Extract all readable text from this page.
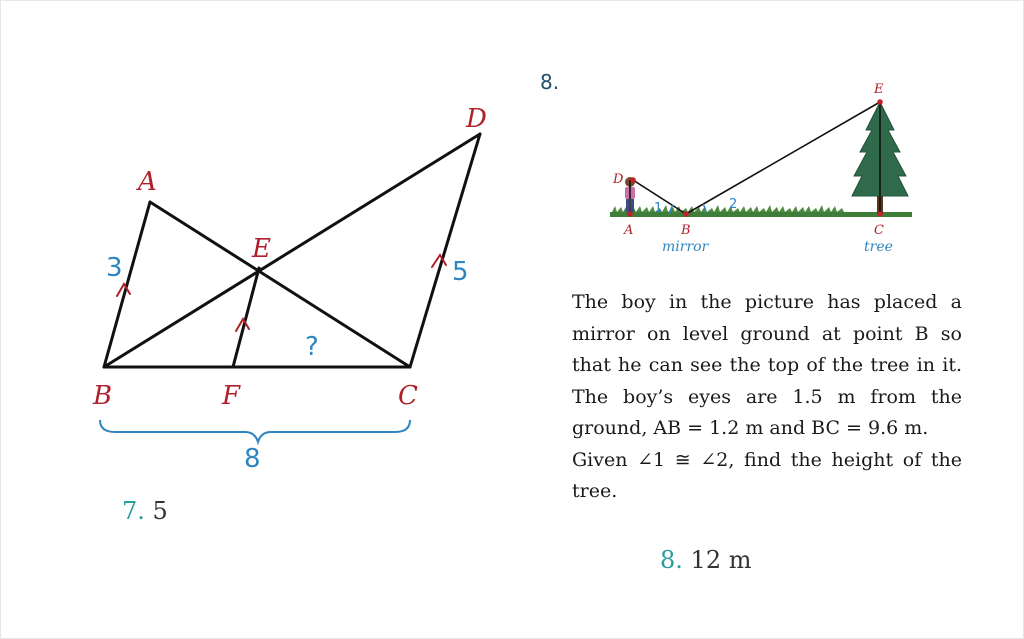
A
B	C
D
E
F
3	5
8
?
D
A	B	C
E
1	2
mirror	tree
8.

The boy in the picture has placed a mirror on level ground at point B so that he can see the top of the tree in it. The boy’s eyes are 1.5 m from the ground, AB = 1.2 m and BC = 9.6 m.

Given ∠1 ≅ ∠2, find the height of the tree.

7. 5
8. 12 m
